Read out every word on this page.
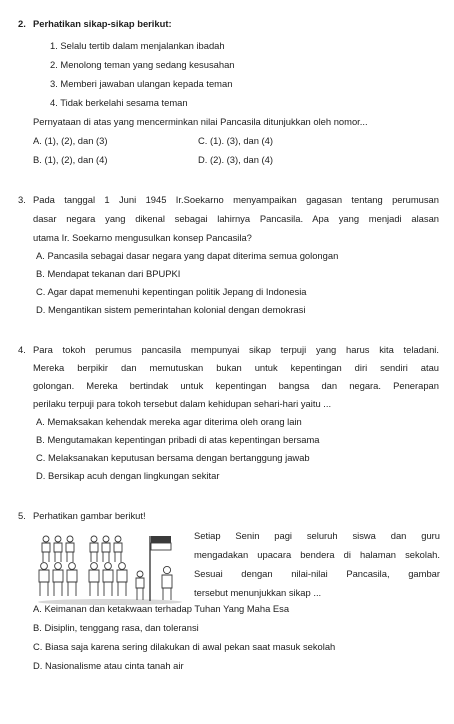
2. Perhatikan sikap-sikap berikut:
1. Selalu tertib dalam menjalankan ibadah
2. Menolong teman yang sedang kesusahan
3. Memberi jawaban ulangan kepada teman
4. Tidak berkelahi sesama teman
Pernyataan di atas yang mencerminkan nilai Pancasila ditunjukkan oleh nomor...
A. (1), (2), dan (3)	C. (1). (3), dan (4)
B. (1), (2), dan (4)	D. (2). (3), dan (4)
3. Pada tanggal 1 Juni 1945 Ir.Soekarno menyampaikan gagasan tentang perumusan
dasar negara yang dikenal sebagai lahirnya Pancasila. Apa yang menjadi alasan
utama Ir. Soekarno mengusulkan konsep Pancasila?
A. Pancasila sebagai dasar negara yang dapat diterima semua golongan
B. Mendapat tekanan dari BPUPKI
C. Agar dapat memenuhi kepentingan politik Jepang di Indonesia
D. Mengantikan sistem pemerintahan kolonial dengan demokrasi
4. Para tokoh perumus pancasila mempunyai sikap terpuji yang harus kita teladani.
Mereka berpikir dan memutuskan bukan untuk kepentingan diri sendiri atau
golongan. Mereka bertindak untuk kepentingan bangsa dan negara. Penerapan
perilaku terpuji para tokoh tersebut dalam kehidupan sehari-hari yaitu ...
A. Memaksakan kehendak mereka agar diterima oleh orang lain
B. Mengutamakan kepentingan pribadi di atas kepentingan bersama
C. Melaksanakan keputusan bersama dengan bertanggung jawab
D. Bersikap acuh dengan lingkungan sekitar
5. Perhatikan gambar berikut!
Setiap Senin pagi seluruh siswa dan guru
mengadakan upacara bendera di halaman sekolah.
Sesuai dengan nilai-nilai Pancasila, gambar
tersebut menunjukkan sikap ...
A. Keimanan dan ketakwaan terhadap Tuhan Yang Maha Esa
B. Disiplin, tenggang rasa, dan toleransi
C. Biasa saja karena sering dilakukan di awal pekan saat masuk sekolah
D. Nasionalisme atau cinta tanah air
